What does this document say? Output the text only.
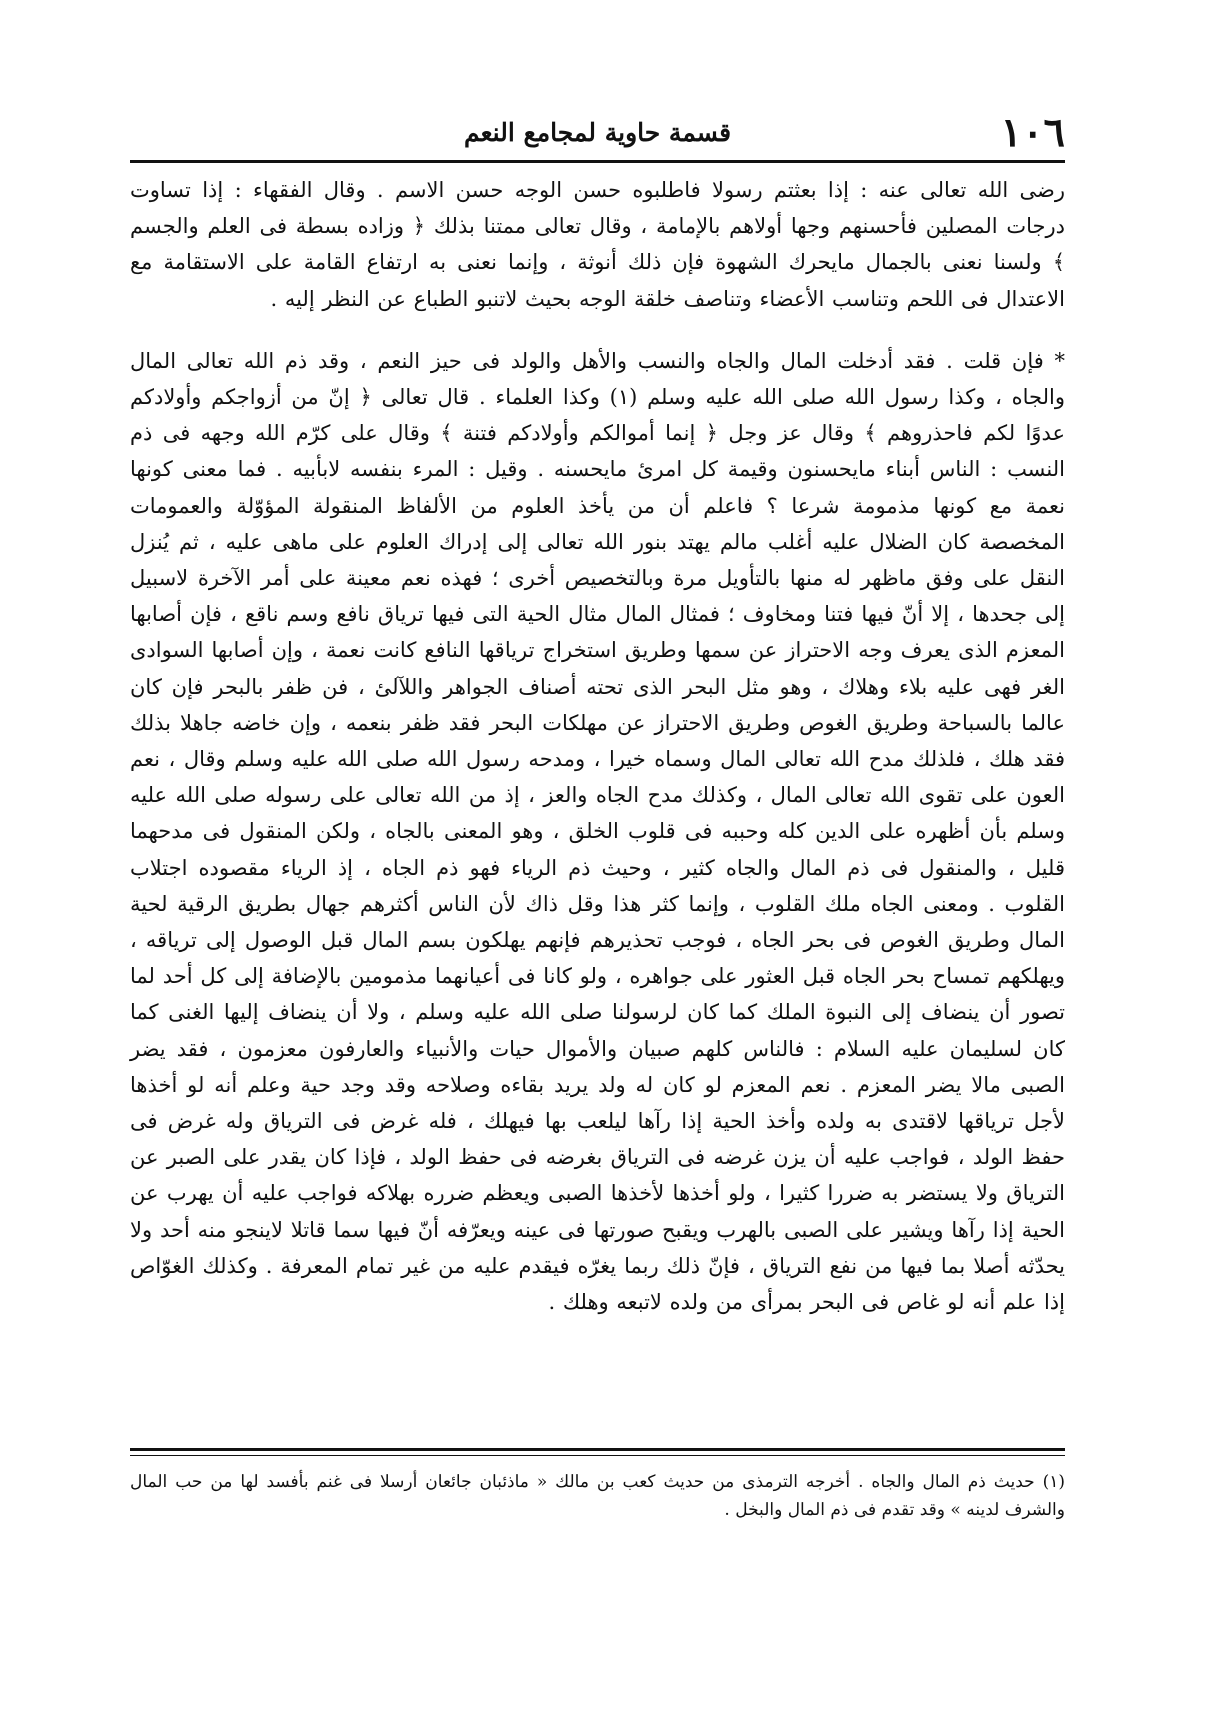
١٠٦
قسمة حاوية لمجامع النعم

رضى الله تعالى عنه : إذا بعثتم رسولا فاطلبوه حسن الوجه حسن الاسم . وقال الفقهاء : إذا تساوت درجات المصلين فأحسنهم وجها أولاهم بالإمامة ، وقال تعالى ممتنا بذلك ﴿ وزاده بسطة فى العلم والجسم ﴾ ولسنا نعنى بالجمال مايحرك الشهوة فإن ذلك أنوثة ، وإنما نعنى به ارتفاع القامة على الاستقامة مع الاعتدال فى اللحم وتناسب الأعضاء وتناصف خلقة الوجه بحيث لاتنبو الطباع عن النظر إليه .

* فإن قلت . فقد أدخلت المال والجاه والنسب والأهل والولد فى حيز النعم ، وقد ذم الله تعالى المال والجاه ، وكذا رسول الله صلى الله عليه وسلم (١) وكذا العلماء . قال تعالى ﴿ إنّ من أزواجكم وأولادكم عدوًا لكم فاحذروهم ﴾ وقال عز وجل ﴿ إنما أموالكم وأولادكم فتنة ﴾ وقال على كرّم الله وجهه فى ذم النسب : الناس أبناء مايحسنون وقيمة كل امرئ مايحسنه . وقيل : المرء بنفسه لابأبيه . فما معنى كونها نعمة مع كونها مذمومة شرعا ؟ فاعلم أن من يأخذ العلوم من الألفاظ المنقولة المؤوّلة والعمومات المخصصة كان الضلال عليه أغلب مالم يهتد بنور الله تعالى إلى إدراك العلوم على ماهى عليه ، ثم يُنزل النقل على وفق ماظهر له منها بالتأويل مرة وبالتخصيص أخرى ؛ فهذه نعم معينة على أمر الآخرة لاسبيل إلى جحدها ، إلا أنّ فيها فتنا ومخاوف ؛ فمثال المال مثال الحية التى فيها ترياق نافع وسم ناقع ، فإن أصابها المعزم الذى يعرف وجه الاحتراز عن سمها وطريق استخراج ترياقها النافع كانت نعمة ، وإن أصابها السوادى الغر فهى عليه بلاء وهلاك ، وهو مثل البحر الذى تحته أصناف الجواهر واللآلئ ، فن ظفر بالبحر فإن كان عالما بالسباحة وطريق الغوص وطريق الاحتراز عن مهلكات البحر فقد ظفر بنعمه ، وإن خاضه جاهلا بذلك فقد هلك ، فلذلك مدح الله تعالى المال وسماه خيرا ، ومدحه رسول الله صلى الله عليه وسلم وقال ، نعم العون على تقوى الله تعالى المال ، وكذلك مدح الجاه والعز ، إذ من الله تعالى على رسوله صلى الله عليه وسلم بأن أظهره على الدين كله وحببه فى قلوب الخلق ، وهو المعنى بالجاه ، ولكن المنقول فى مدحهما قليل ، والمنقول فى ذم المال والجاه كثير ، وحيث ذم الرياء فهو ذم الجاه ، إذ الرياء مقصوده اجتلاب القلوب . ومعنى الجاه ملك القلوب ، وإنما كثر هذا وقل ذاك لأن الناس أكثرهم جهال بطريق الرقية لحية المال وطريق الغوص فى بحر الجاه ، فوجب تحذيرهم فإنهم يهلكون بسم المال قبل الوصول إلى ترياقه ، ويهلكهم تمساح بحر الجاه قبل العثور على جواهره ، ولو كانا فى أعيانهما مذمومين بالإضافة إلى كل أحد لما تصور أن ينضاف إلى النبوة الملك كما كان لرسولنا صلى الله عليه وسلم ، ولا أن ينضاف إليها الغنى كما كان لسليمان عليه السلام : فالناس كلهم صبيان والأموال حيات والأنبياء والعارفون معزمون ، فقد يضر الصبى مالا يضر المعزم . نعم المعزم لو كان له ولد يريد بقاءه وصلاحه وقد وجد حية وعلم أنه لو أخذها لأجل ترياقها لاقتدى به ولده وأخذ الحية إذا رآها ليلعب بها فيهلك ، فله غرض فى الترياق وله غرض فى حفظ الولد ، فواجب عليه أن يزن غرضه فى الترياق بغرضه فى حفظ الولد ، فإذا كان يقدر على الصبر عن الترياق ولا يستضر به ضررا كثيرا ، ولو أخذها لأخذها الصبى ويعظم ضرره بهلاكه فواجب عليه أن يهرب عن الحية إذا رآها ويشير على الصبى بالهرب ويقبح صورتها فى عينه ويعرّفه أنّ فيها سما قاتلا لاينجو منه أحد ولا يحدّثه أصلا بما فيها من نفع الترياق ، فإنّ ذلك ربما يغرّه فيقدم عليه من غير تمام المعرفة . وكذلك الغوّاص إذا علم أنه لو غاص فى البحر بمرأى من ولده لاتبعه وهلك .

(١) حديث ذم المال والجاه . أخرجه الترمذى من حديث كعب بن مالك « ماذئبان جائعان أرسلا فى غنم بأفسد لها من حب المال والشرف لدينه » وقد تقدم فى ذم المال والبخل .
